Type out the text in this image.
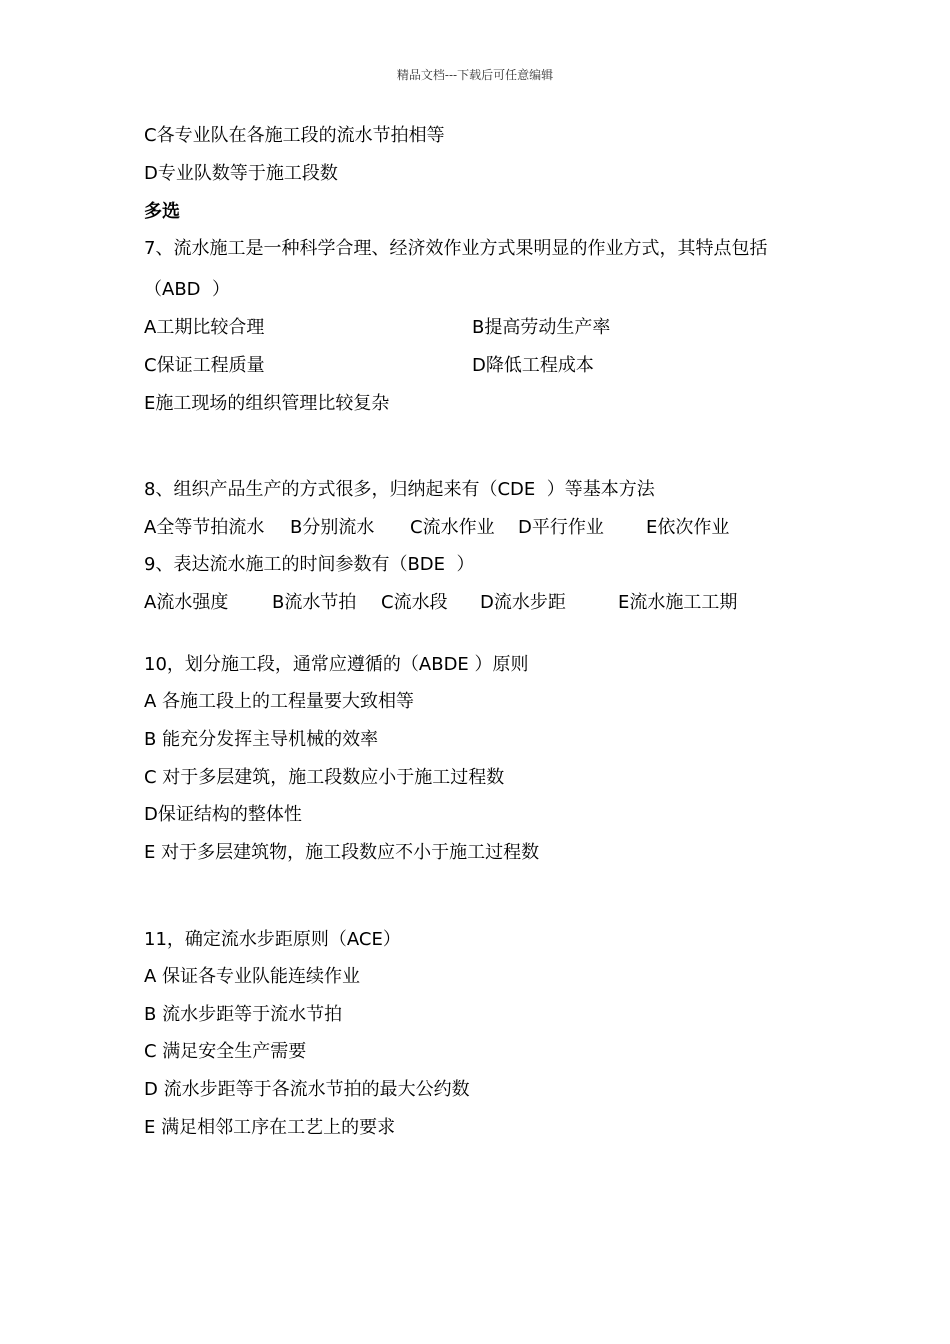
精品文档---下载后可任意编辑
C各专业队在各施工段的流水节拍相等
D专业队数等于施工段数
多选
7、流水施工是一种科学合理、经济效作业方式果明显的作业方式，其特点包括
（ABD  ）
A工期比较合理	B提高劳动生产率
C保证工程质量	D降低工程成本
E施工现场的组织管理比较复杂
8、组织产品生产的方式很多，归纳起来有（CDE  ）等基本方法
A全等节拍流水 B分别流水 C流水作业 D平行作业 E依次作业
9、表达流水施工的时间参数有（BDE  ）
A流水强度 B流水节拍 C流水段 D流水步距	E流水施工工期
10，划分施工段，通常应遵循的（ABDE ）原则
A 各施工段上的工程量要大致相等
B 能充分发挥主导机械的效率
C 对于多层建筑，施工段数应小于施工过程数
D保证结构的整体性
E 对于多层建筑物，施工段数应不小于施工过程数
11，确定流水步距原则（ACE）
A 保证各专业队能连续作业
B 流水步距等于流水节拍
C 满足安全生产需要
D 流水步距等于各流水节拍的最大公约数
E 满足相邻工序在工艺上的要求
